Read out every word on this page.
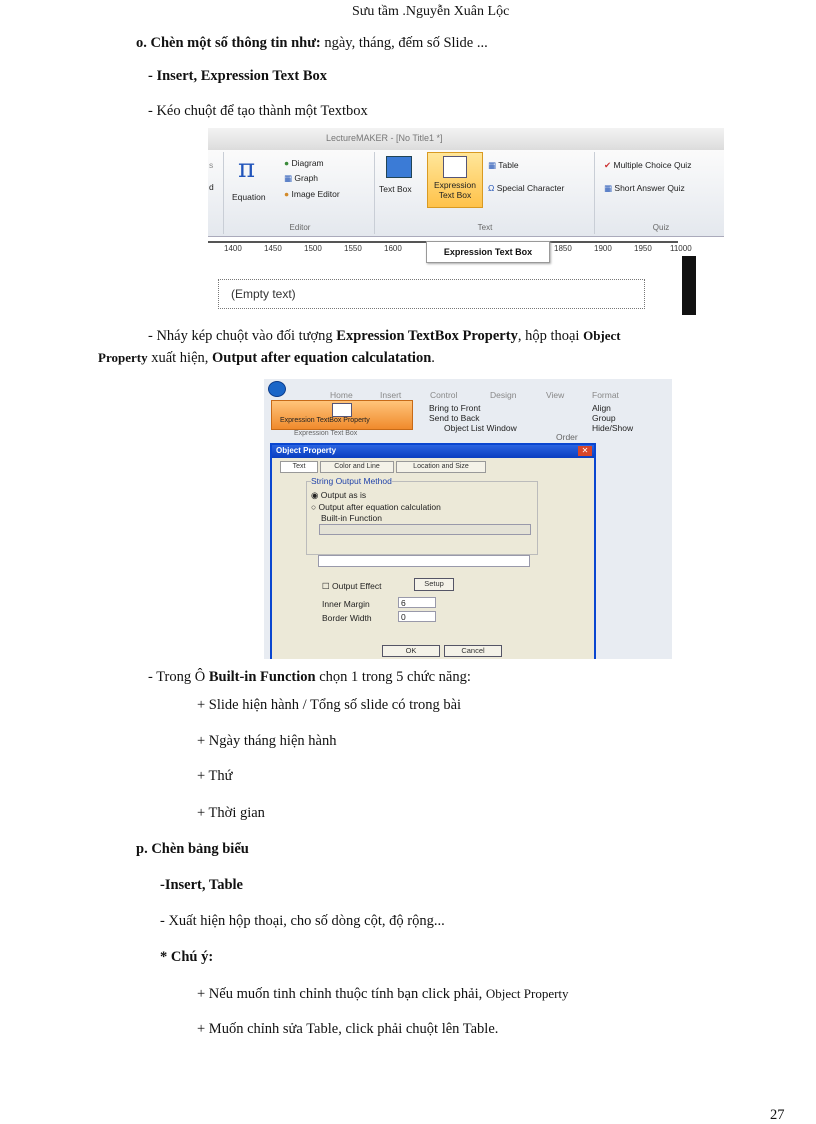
Sưu tầm .Nguyễn Xuân Lộc
o. Chèn một số thông tin như: ngày, tháng, đếm số Slide ...
- Insert, Expression Text Box
- Kéo chuột để tạo thành một Textbox
LectureMAKER - [No Title1 *]
s
d
π
Equation
● Diagram
▦ Graph
● Image Editor
Editor
Text Box	Expression
Text Box
▦ Table
Ω Special Character
Text
✔ Multiple Choice Quiz
▦ Short Answer Quiz
Quiz
1400	1450	1500	1550	1600	1850	1900	1950 11000
Expression Text Box
(Empty text)
- Nháy kép chuột vào đối tượng Expression TextBox Property, hộp thoại Object
Property xuất hiện, Output after equation calculatation.
Home	Insert	Control	Design	View	Format
Expression TextBox Property
Expression Text Box
Bring to Front
Send to Back
Object List Window
Align
Group
Hide/Show
Order
Object Property	✕
Text	Color and Line	Location and Size
String Output Method
◉ Output as is
○ Output after equation calculation
Built-in Function
☐ Output Effect	Setup
Inner Margin	6
Border Width	0
OK	Cancel
- Trong Ô Built-in Function chọn 1 trong 5 chức năng:
+ Slide hiện hành / Tổng số slide có trong bài
+ Ngày tháng hiện hành
+ Thứ
+ Thời gian
p. Chèn bảng biểu
-Insert, Table
- Xuất hiện hộp thoại, cho số dòng cột, độ rộng...
* Chú ý:
+ Nếu muốn tinh chỉnh thuộc tính bạn click phải, Object Property
+ Muốn chỉnh sửa Table, click phải chuột lên Table.
27
